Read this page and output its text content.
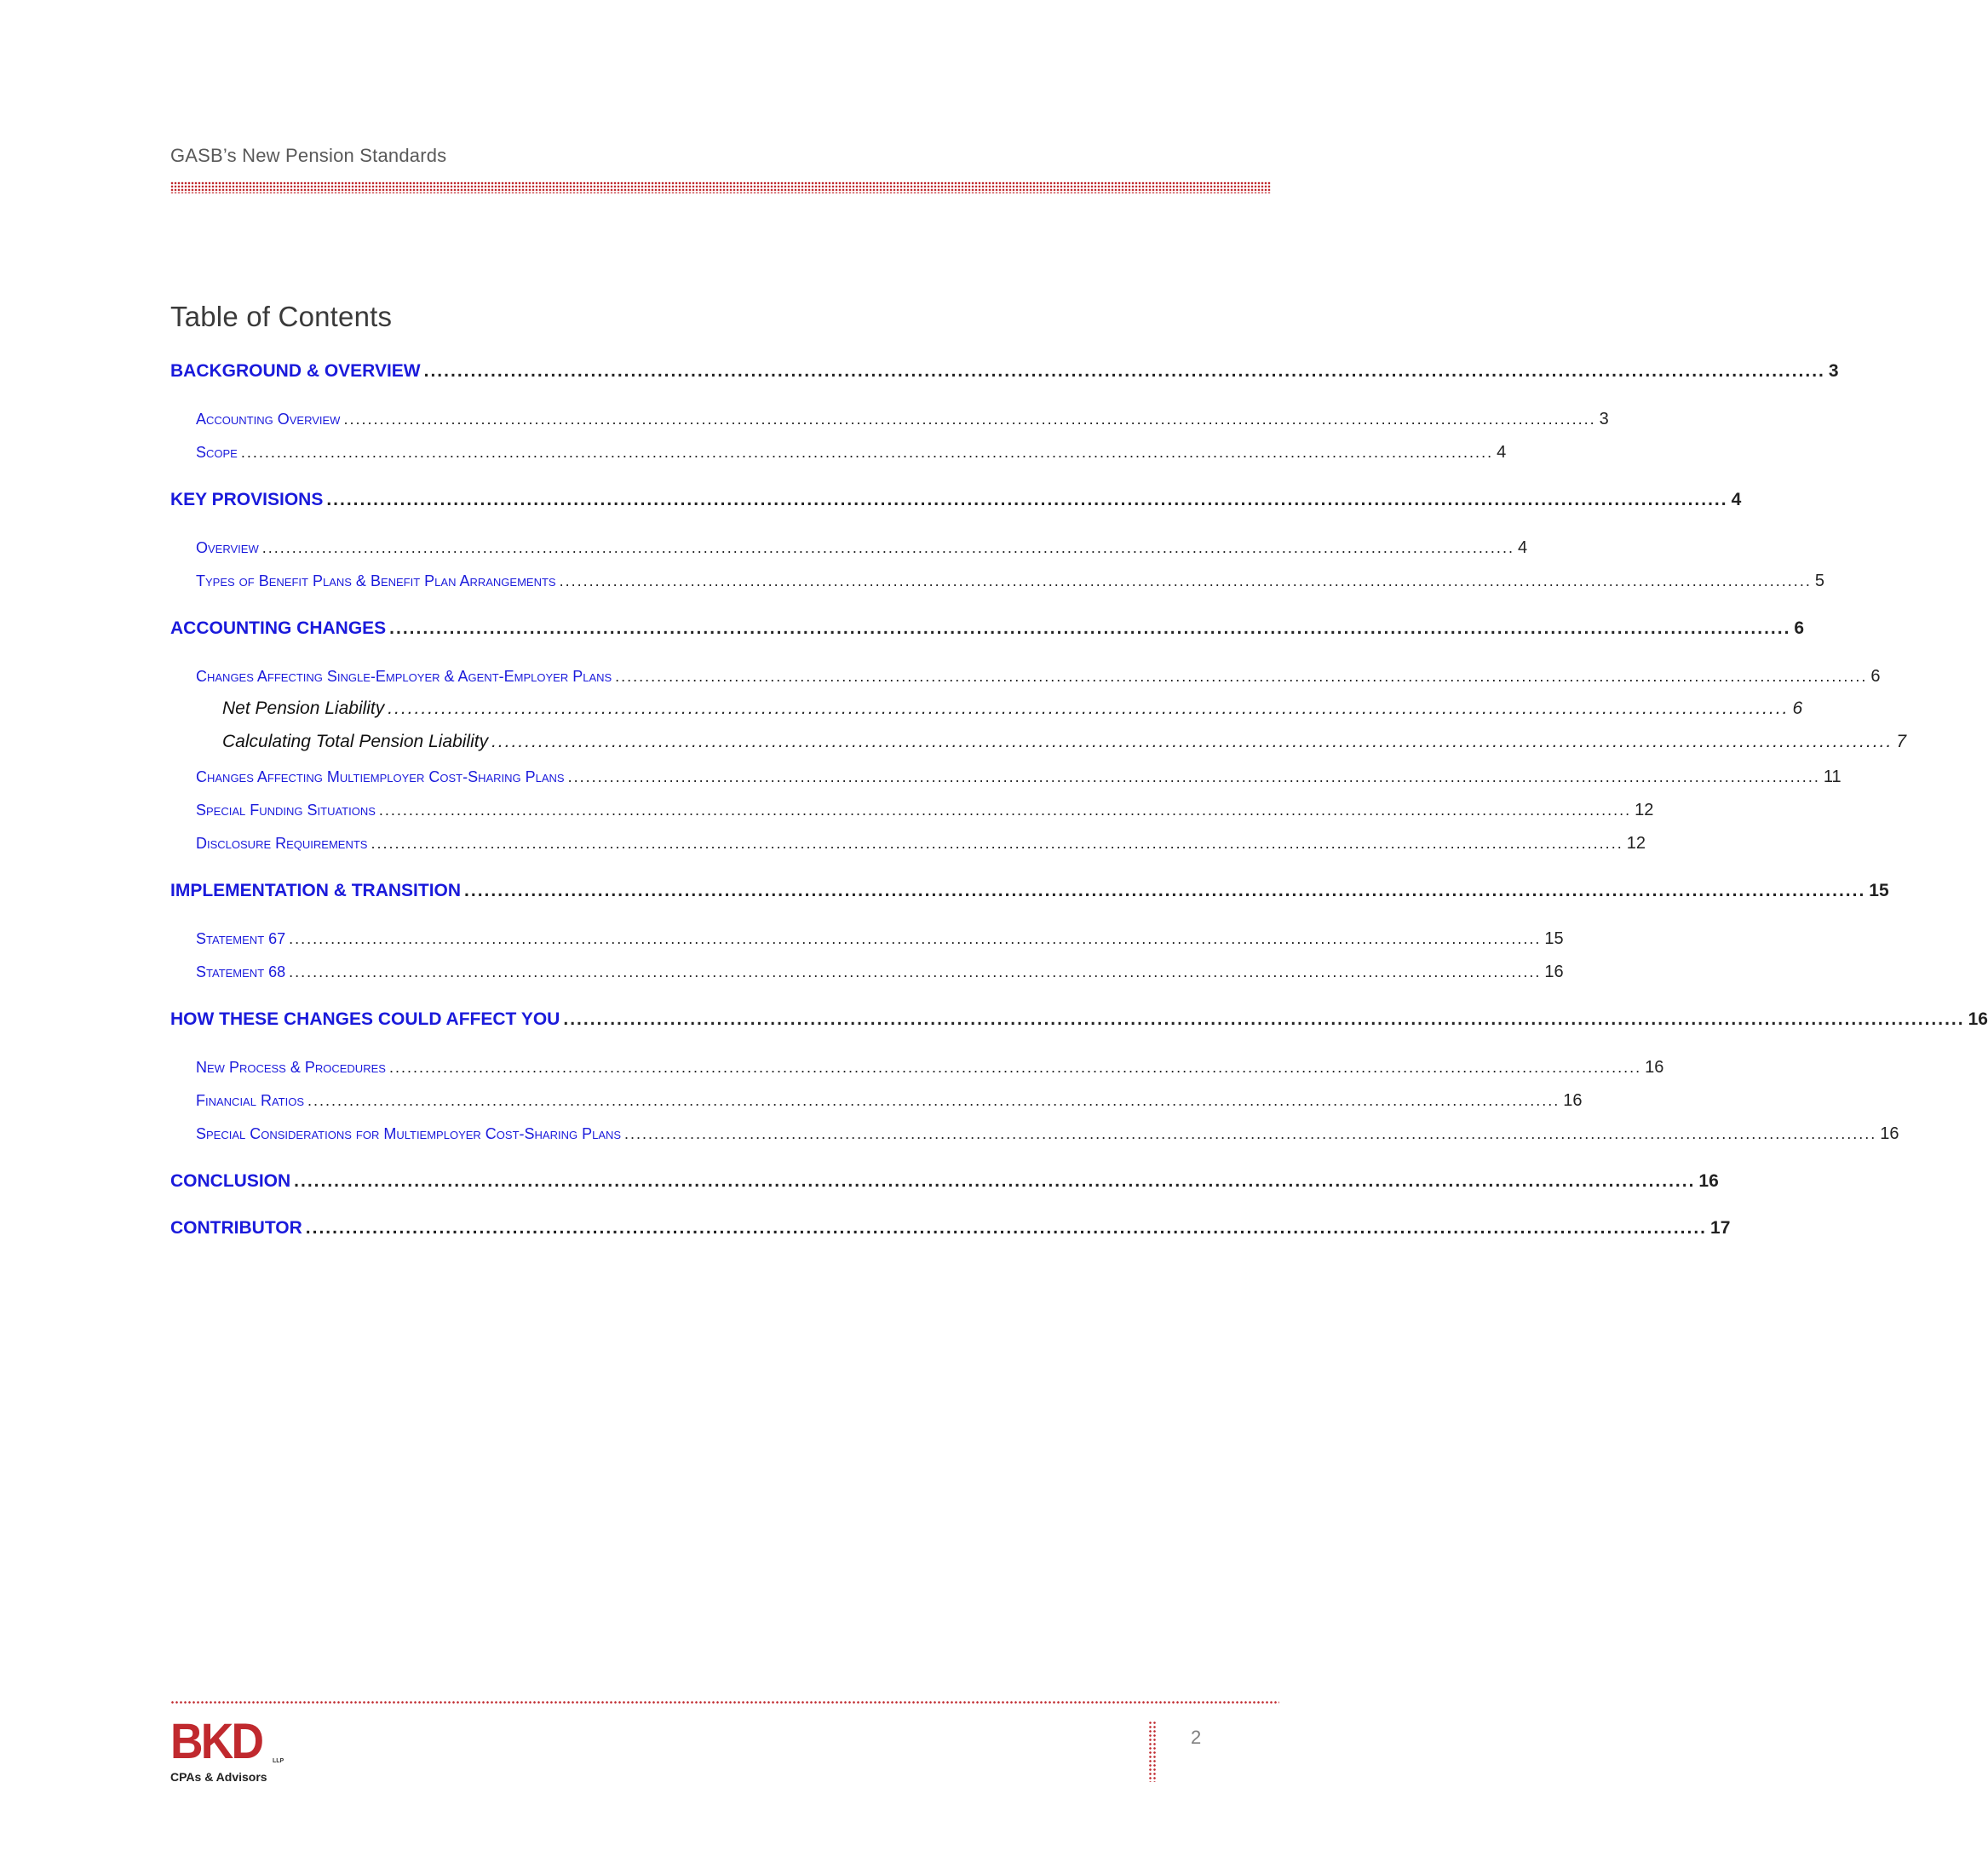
GASB’s New Pension Standards
Table of Contents
BACKGROUND & OVERVIEW .................................................................................................................................................................................................................. 3
Accounting Overview .................................................................................................................................................................................................................. 3
Scope .................................................................................................................................................................................................................. 4
KEY PROVISIONS .................................................................................................................................................................................................................. 4
Overview .................................................................................................................................................................................................................. 4
Types of Benefit Plans & Benefit Plan Arrangements .................................................................................................................................................................................................................. 5
ACCOUNTING CHANGES .................................................................................................................................................................................................................. 6
Changes Affecting Single-Employer & Agent-Employer Plans .................................................................................................................................................................................................................. 6
Net Pension Liability .................................................................................................................................................................................................................. 6
Calculating Total Pension Liability .................................................................................................................................................................................................................. 7
Changes Affecting Multiemployer Cost-Sharing Plans .................................................................................................................................................................................................................. 11
Special Funding Situations .................................................................................................................................................................................................................. 12
Disclosure Requirements .................................................................................................................................................................................................................. 12
IMPLEMENTATION & TRANSITION .................................................................................................................................................................................................................. 15
Statement 67 .................................................................................................................................................................................................................. 15
Statement 68 .................................................................................................................................................................................................................. 16
HOW THESE CHANGES COULD AFFECT YOU .................................................................................................................................................................................................................. 16
New Process & Procedures .................................................................................................................................................................................................................. 16
Financial Ratios .................................................................................................................................................................................................................. 16
Special Considerations for Multiemployer Cost-Sharing Plans .................................................................................................................................................................................................................. 16
CONCLUSION .................................................................................................................................................................................................................. 16
CONTRIBUTOR .................................................................................................................................................................................................................. 17
BKD LLP
CPAs & Advisors
2
